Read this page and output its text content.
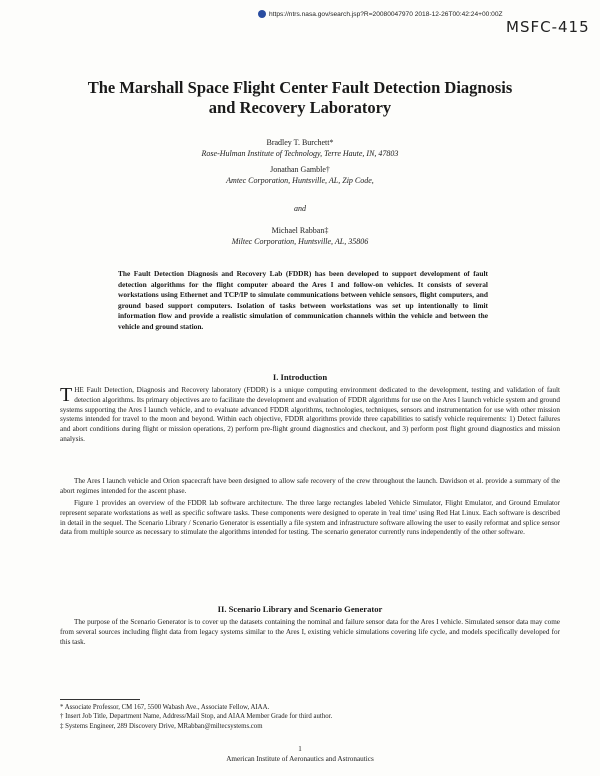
https://ntrs.nasa.gov/search.jsp?R=20080047970 2018-12-26T00:42:24+00:00Z
MSFC-415
The Marshall Space Flight Center Fault Detection Diagnosis
and Recovery Laboratory
Bradley T. Burchett*
Rose-Hulman Institute of Technology, Terre Haute, IN, 47803
Jonathan Gamble†
Amtec Corporation, Huntsville, AL, Zip Code,
and
Michael Rabban‡
Miltec Corporation, Huntsville, AL, 35806
The Fault Detection Diagnosis and Recovery Lab (FDDR) has been developed to support development of fault detection algorithms for the flight computer aboard the Ares I and follow-on vehicles. It consists of several workstations using Ethernet and TCP/IP to simulate communications between vehicle sensors, flight computers, and ground based support computers. Isolation of tasks between workstations was set up intentionally to limit information flow and provide a realistic simulation of communication channels within the vehicle and between the vehicle and ground station.
I. Introduction
THE Fault Detection, Diagnosis and Recovery laboratory (FDDR) is a unique computing environment dedicated to the development, testing and validation of fault detection algorithms. Its primary objectives are to facilitate the development and evaluation of FDDR algorithms for use on the Ares I launch vehicle system and ground systems supporting the Ares I launch vehicle, and to evaluate advanced FDDR algorithms, technologies, techniques, sensors and instrumentation for use with other mission systems intended for travel to the moon and beyond. Within each objective, FDDR algorithms provide three capabilities to satisfy vehicle requirements: 1) Detect failures and abort conditions during flight or mission operations, 2) perform pre-flight ground diagnostics and checkout, and 3) perform post flight ground diagnostics and mission analysis.
The Ares I launch vehicle and Orion spacecraft have been designed to allow safe recovery of the crew throughout the launch. Davidson et al. provide a summary of the abort regimes intended for the ascent phase.
Figure 1 provides an overview of the FDDR lab software architecture. The three large rectangles labeled Vehicle Simulator, Flight Emulator, and Ground Emulator represent separate workstations as well as specific software tasks. These components were designed to operate in 'real time' using Red Hat Linux. Each software is described in detail in the sequel. The Scenario Library / Scenario Generator is essentially a file system and infrastructure software allowing the user to easily reformat and splice sensor data from multiple source as necessary to stimulate the algorithms intended for testing. The scenario generator currently runs independently of the other software.
II. Scenario Library and Scenario Generator
The purpose of the Scenario Generator is to cover up the datasets containing the nominal and failure sensor data for the Ares I vehicle. Simulated sensor data may come from several sources including flight data from legacy systems similar to the Ares I, existing vehicle simulations covering life cycle, and models specifically developed for this task.
* Associate Professor, CM 167, 5500 Wabash Ave., Associate Fellow, AIAA.
† Insert Job Title, Department Name, Address/Mail Stop, and AIAA Member Grade for third author.
‡ Systems Engineer, 289 Discovery Drive, MRabban@miltecsystems.com
1
American Institute of Aeronautics and Astronautics
